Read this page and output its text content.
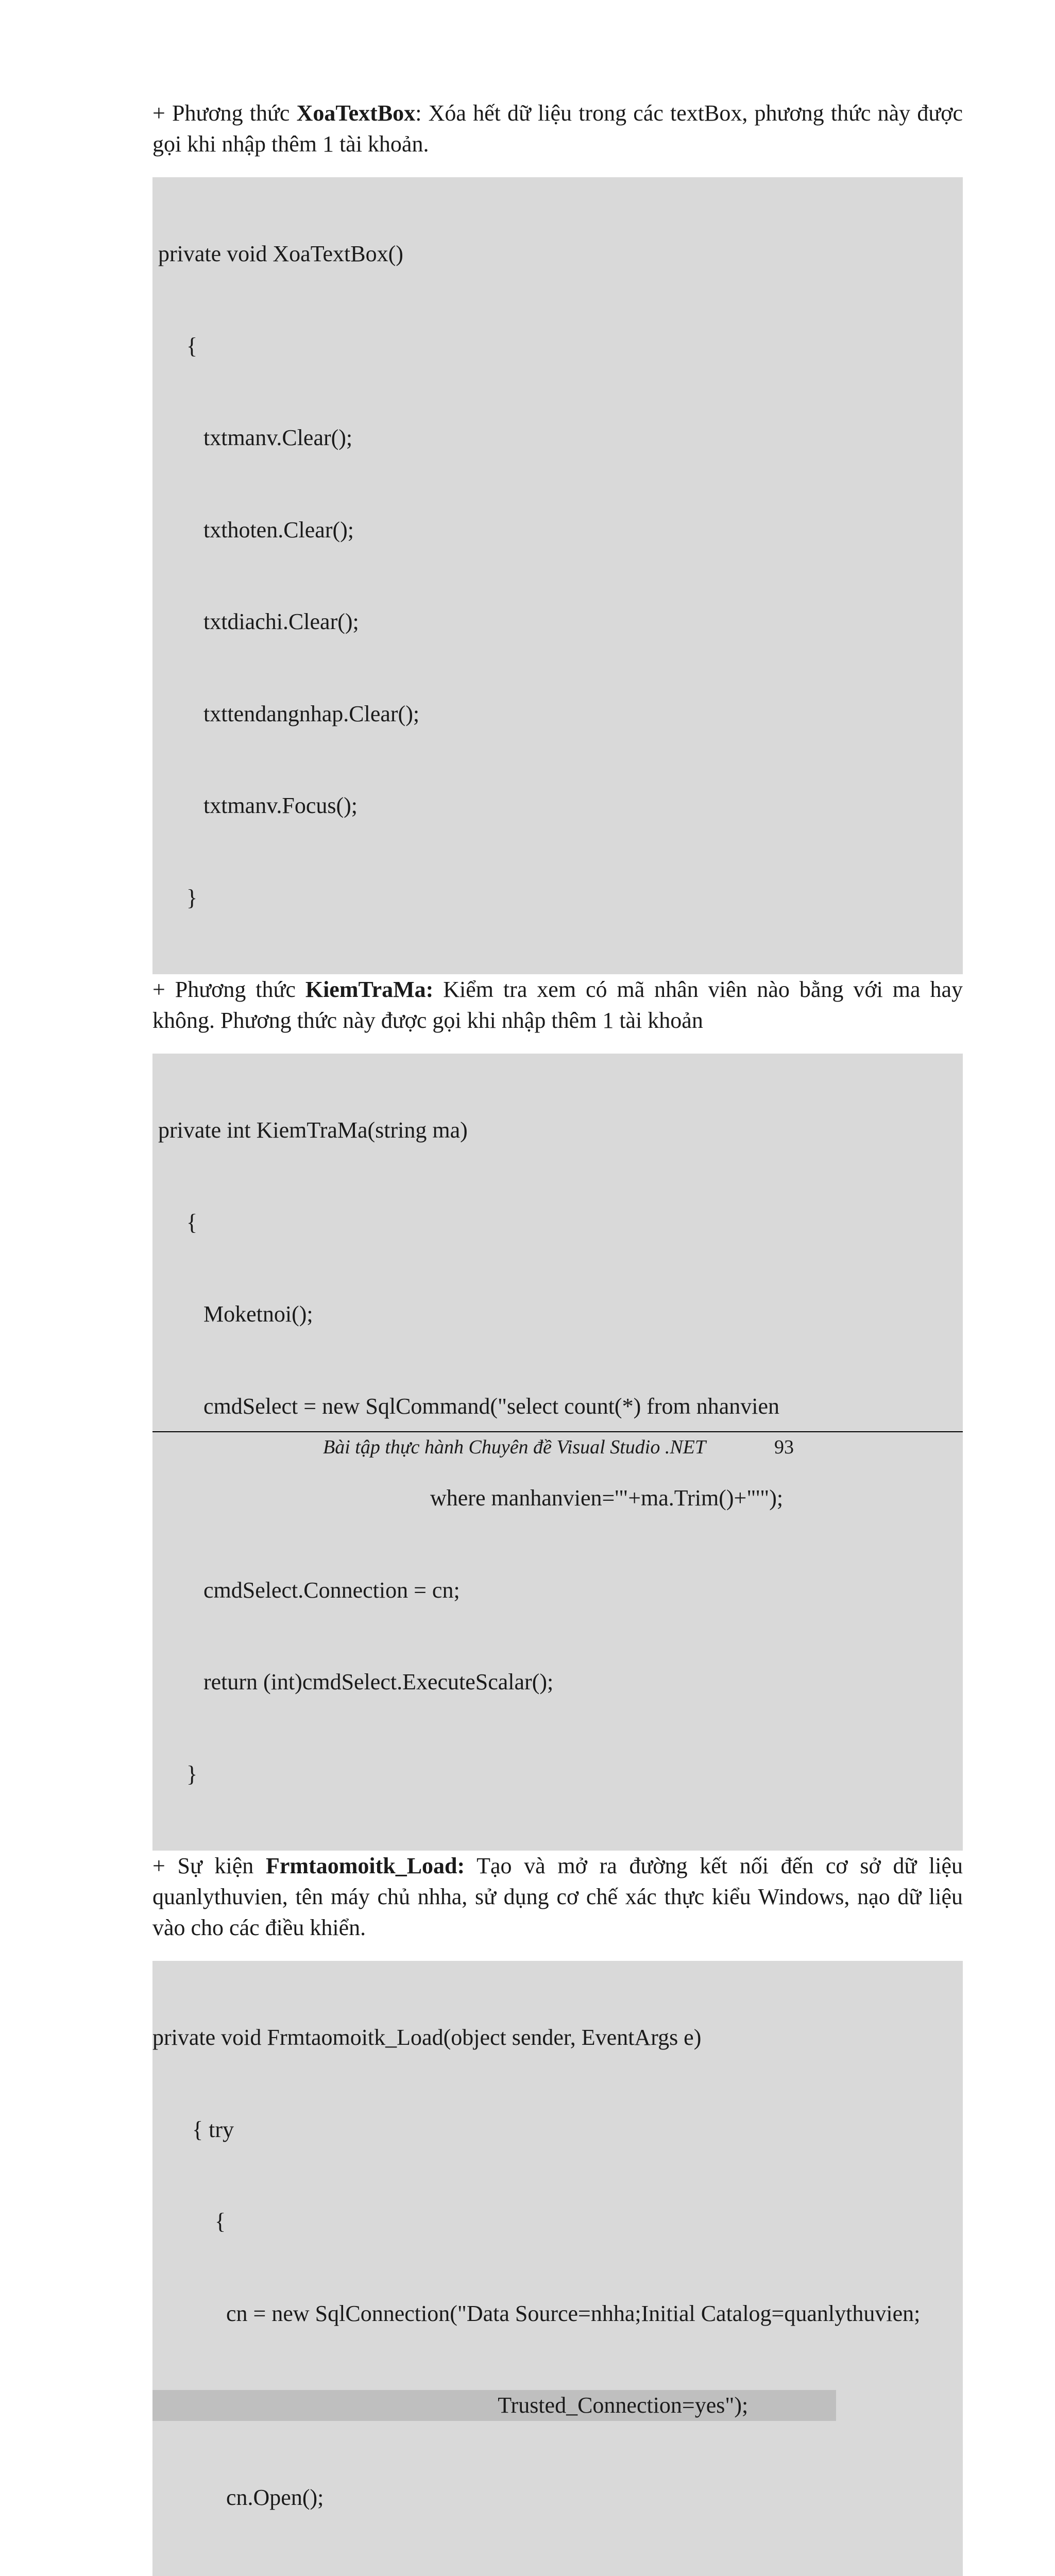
+ Phương thức XoaTextBox: Xóa hết dữ liệu trong các textBox, phương thức này được gọi khi nhập thêm 1 tài khoản.

private void XoaTextBox()

{

txtmanv.Clear();

txthoten.Clear();

txtdiachi.Clear();

txttendangnhap.Clear();

txtmanv.Focus();

}

+ Phương thức KiemTraMa: Kiểm tra xem có mã nhân viên nào bằng với ma hay không. Phương thức này được gọi khi nhập thêm 1 tài khoản

private int KiemTraMa(string ma)

{

Moketnoi();

cmdSelect = new SqlCommand("select count(*) from nhanvien

where manhanvien='"+ma.Trim()+"'");

cmdSelect.Connection = cn;

return (int)cmdSelect.ExecuteScalar();

}

+ Sự kiện Frmtaomoitk_Load: Tạo và mở ra đường kết nối đến cơ sở dữ liệu quanlythuvien, tên máy chủ nhha, sử dụng cơ chế xác thực kiểu Windows, nạo dữ liệu vào cho các điều khiển.

private void Frmtaomoitk_Load(object sender, EventArgs e)

{ try

{

cn = new SqlConnection("Data Source=nhha;Initial Catalog=quanlythuvien;

Trusted_Connection=yes");

cn.Open();

Bài tập thực hành Chuyên đề Visual Studio .NET	93
